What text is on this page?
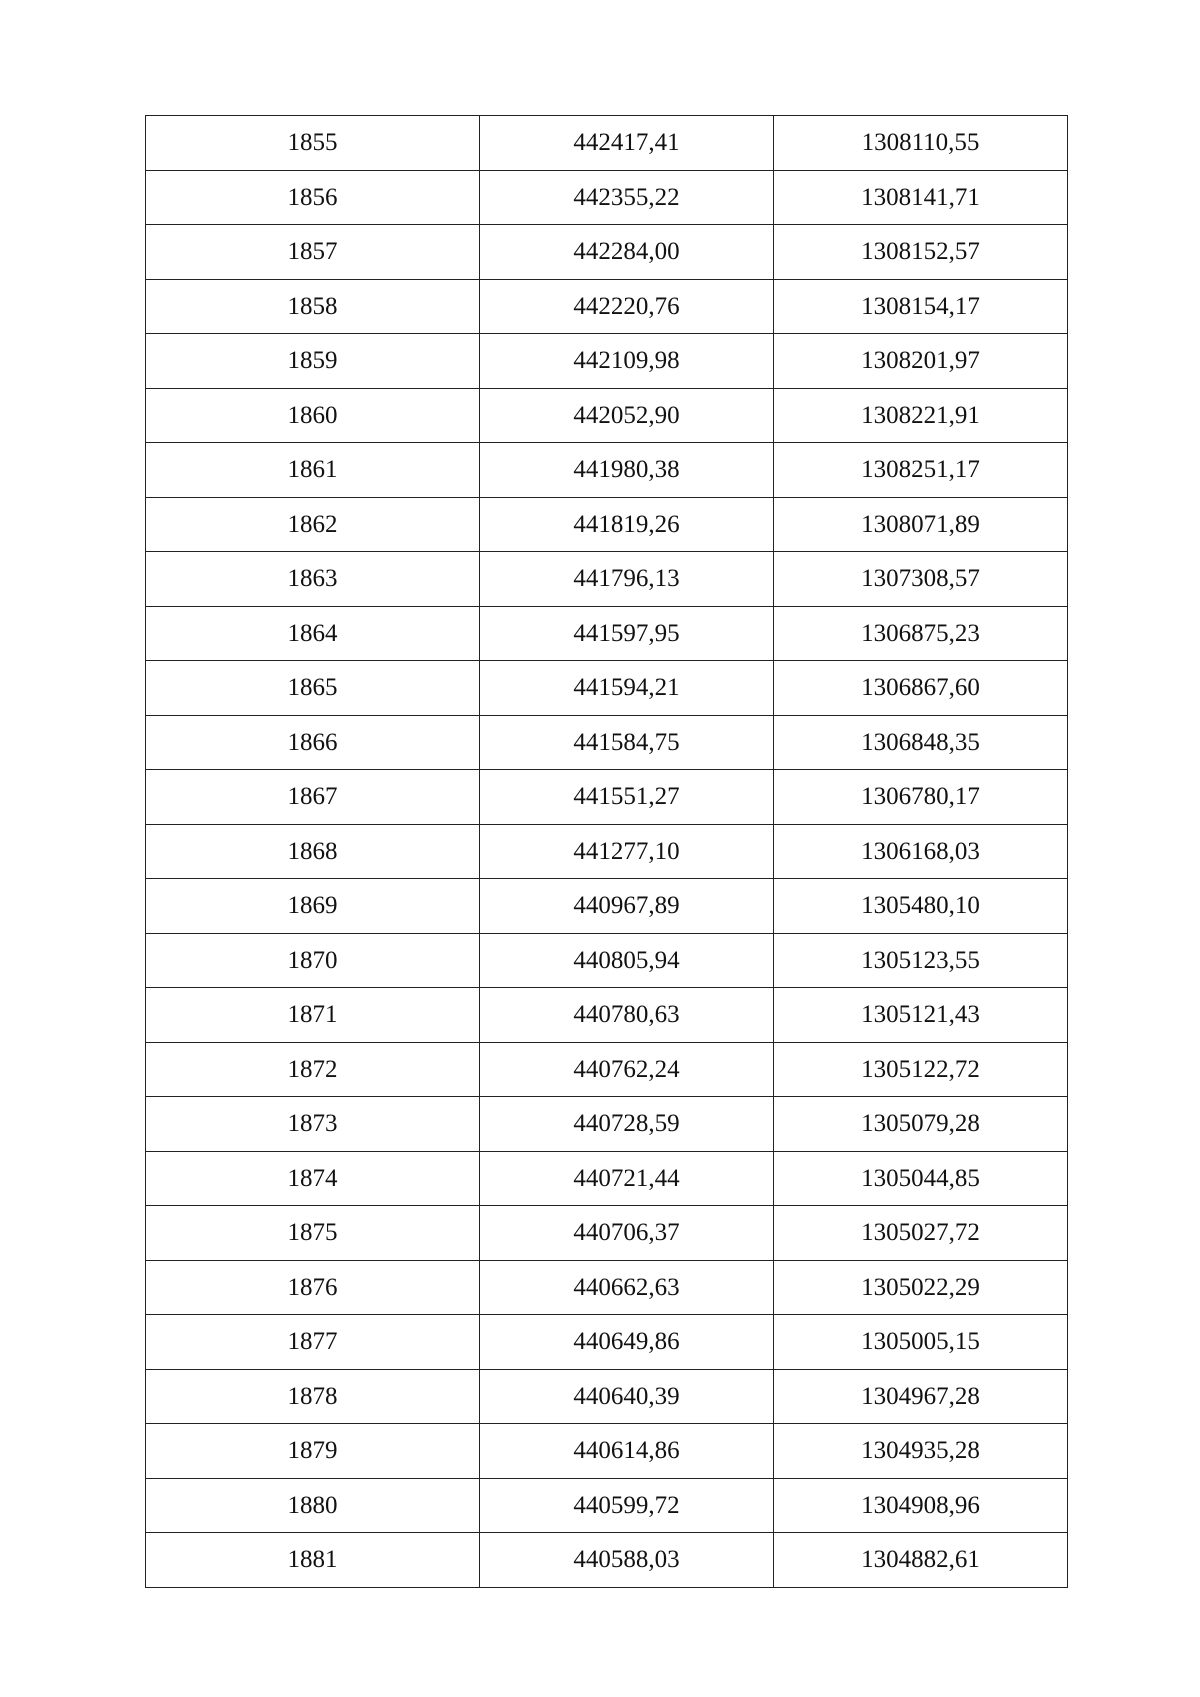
1855	442417,41	1308110,55
1856	442355,22	1308141,71
1857	442284,00	1308152,57
1858	442220,76	1308154,17
1859	442109,98	1308201,97
1860	442052,90	1308221,91
1861	441980,38	1308251,17
1862	441819,26	1308071,89
1863	441796,13	1307308,57
1864	441597,95	1306875,23
1865	441594,21	1306867,60
1866	441584,75	1306848,35
1867	441551,27	1306780,17
1868	441277,10	1306168,03
1869	440967,89	1305480,10
1870	440805,94	1305123,55
1871	440780,63	1305121,43
1872	440762,24	1305122,72
1873	440728,59	1305079,28
1874	440721,44	1305044,85
1875	440706,37	1305027,72
1876	440662,63	1305022,29
1877	440649,86	1305005,15
1878	440640,39	1304967,28
1879	440614,86	1304935,28
1880	440599,72	1304908,96
1881	440588,03	1304882,61
